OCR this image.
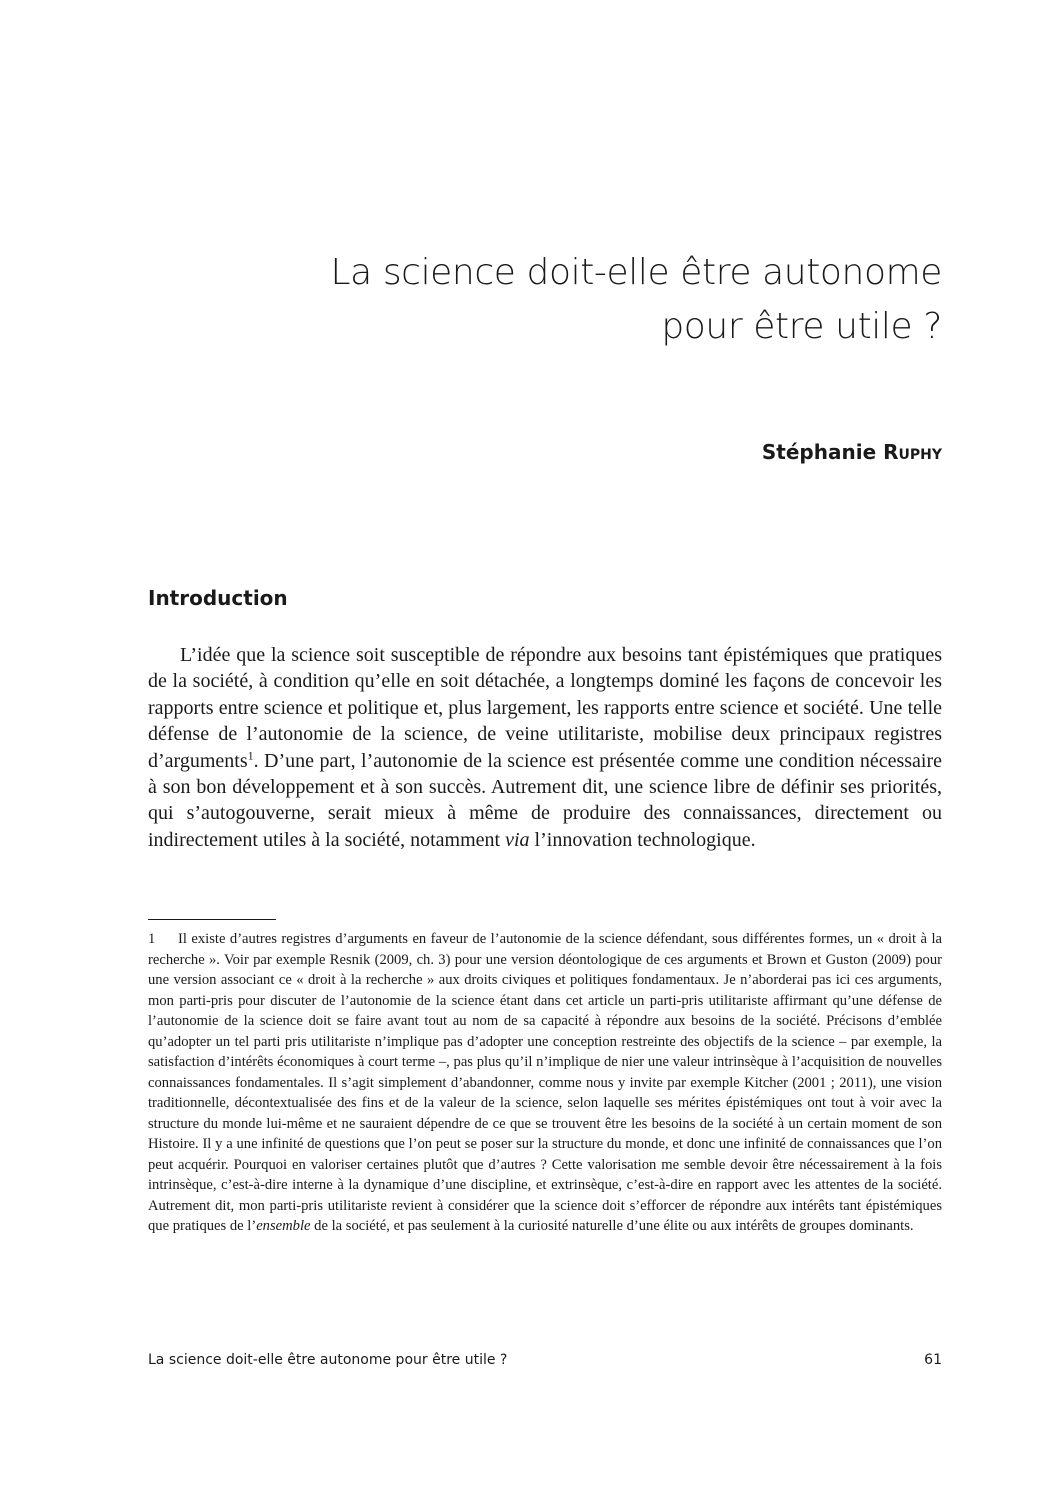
La science doit-elle être autonome
pour être utile ?

Stéphanie Ruphy

Introduction

L’idée que la science soit susceptible de répondre aux besoins tant épistémiques que pratiques de la société, à condition qu’elle en soit détachée, a longtemps dominé les façons de concevoir les rapports entre science et politique et, plus largement, les rapports entre science et société. Une telle défense de l’autonomie de la science, de veine utilitariste, mobilise deux principaux registres d’arguments$^1$. D’une part, l’autonomie de la science est présentée comme une condition nécessaire à son bon développement et à son succès. Autrement dit, une science libre de définir ses priorités, qui s’autogouverne, serait mieux à même de produire des connaissances, directement ou indirectement utiles à la société, notamment via l’innovation technologique.

1 Il existe d’autres registres d’arguments en faveur de l’autonomie de la science défendant, sous différentes formes, un « droit à la recherche ». Voir par exemple Resnik (2009, ch. 3) pour une version déontologique de ces arguments et Brown et Guston (2009) pour une version associant ce « droit à la recherche » aux droits civiques et politiques fondamentaux. Je n’aborderai pas ici ces arguments, mon parti-pris pour discuter de l’autonomie de la science étant dans cet article un parti-pris utilitariste affirmant qu’une défense de l’autonomie de la science doit se faire avant tout au nom de sa capacité à répondre aux besoins de la société. Précisons d’emblée qu’adopter un tel parti pris utilitariste n’implique pas d’adopter une conception restreinte des objectifs de la science – par exemple, la satisfaction d’intérêts économiques à court terme –, pas plus qu’il n’implique de nier une valeur intrinsèque à l’acquisition de nouvelles connaissances fondamentales. Il s’agit simplement d’abandonner, comme nous y invite par exemple Kitcher (2001 ; 2011), une vision traditionnelle, décontextualisée des fins et de la valeur de la science, selon laquelle ses mérites épistémiques ont tout à voir avec la structure du monde lui-même et ne sauraient dépendre de ce que se trouvent être les besoins de la société à un certain moment de son Histoire. Il y a une infinité de questions que l’on peut se poser sur la structure du monde, et donc une infinité de connaissances que l’on peut acquérir. Pourquoi en valoriser certaines plutôt que d’autres ? Cette valorisation me semble devoir être nécessairement à la fois intrinsèque, c’est-à-dire interne à la dynamique d’une discipline, et extrinsèque, c’est-à-dire en rapport avec les attentes de la société. Autrement dit, mon parti-pris utilitariste revient à considérer que la science doit s’efforcer de répondre aux intérêts tant épistémiques que pratiques de l’ensemble de la société, et pas seulement à la curiosité naturelle d’une élite ou aux intérêts de groupes dominants.

La science doit-elle être autonome pour être utile ?	61
